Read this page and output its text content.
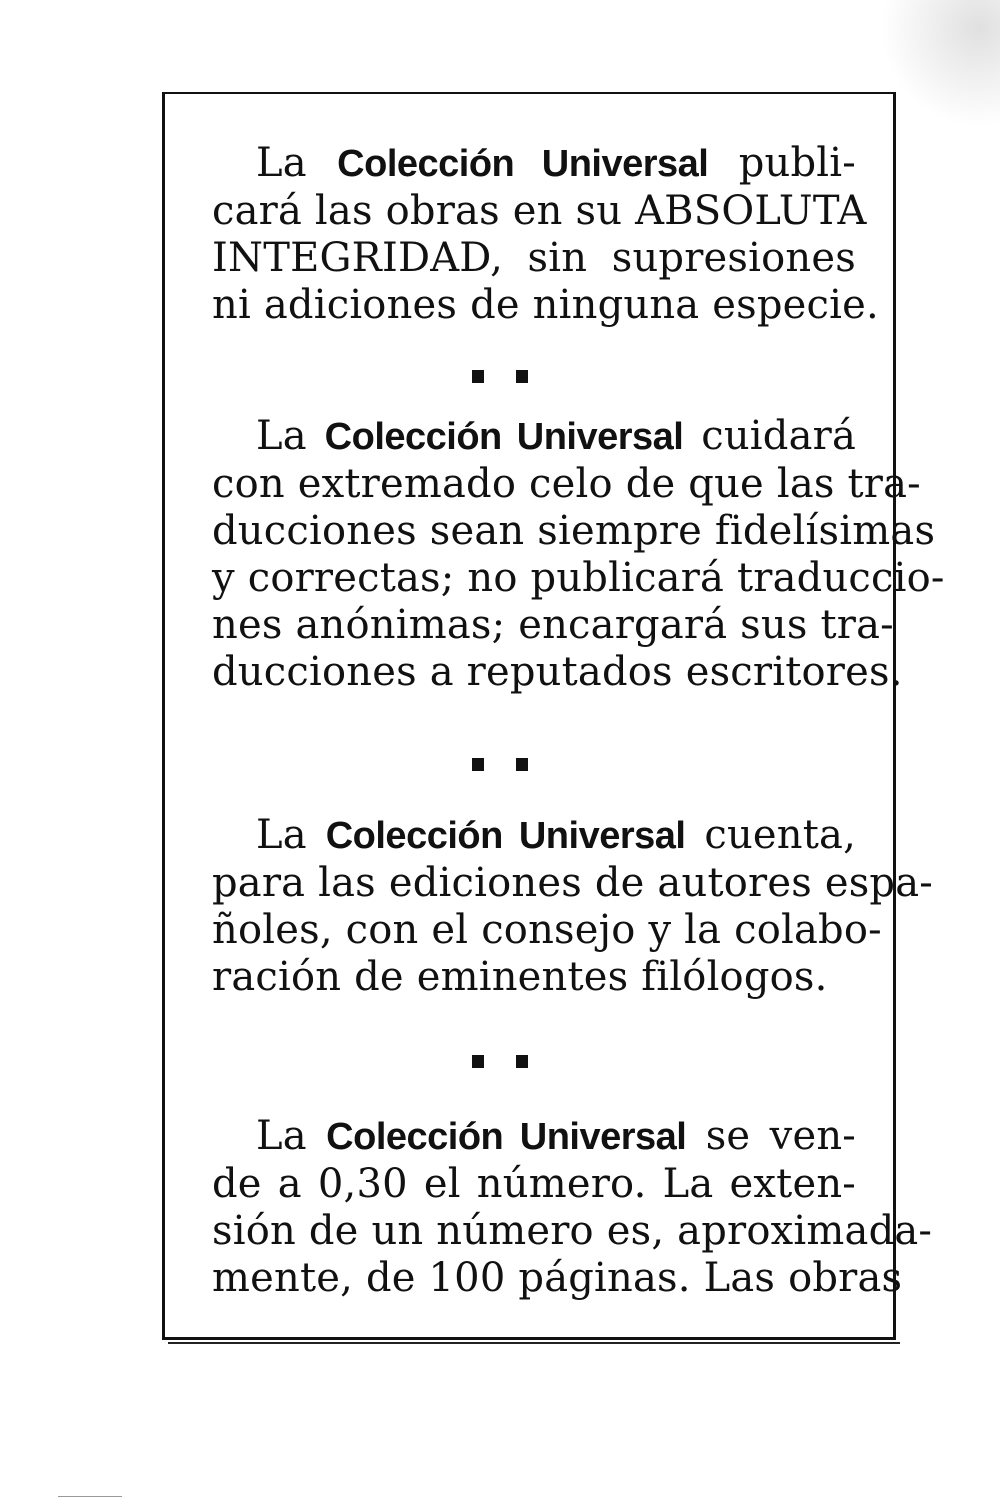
La Colección Universal publi-
cará las obras en su ABSOLUTA
INTEGRIDAD, sin supresiones
ni adiciones de ninguna especie.
La Colección Universal cuidará
con extremado celo de que las tra-
ducciones sean siempre fidelísimas
y correctas; no publicará traduccio-
nes anónimas; encargará sus tra-
ducciones a reputados escritores.
La Colección Universal cuenta,
para las ediciones de autores espa-
ñoles, con el consejo y la colabo-
ración de eminentes filólogos.
La Colección Universal se ven-
de a 0,30 el número. La exten-
sión de un número es, aproximada-
mente, de 100 páginas. Las obras
